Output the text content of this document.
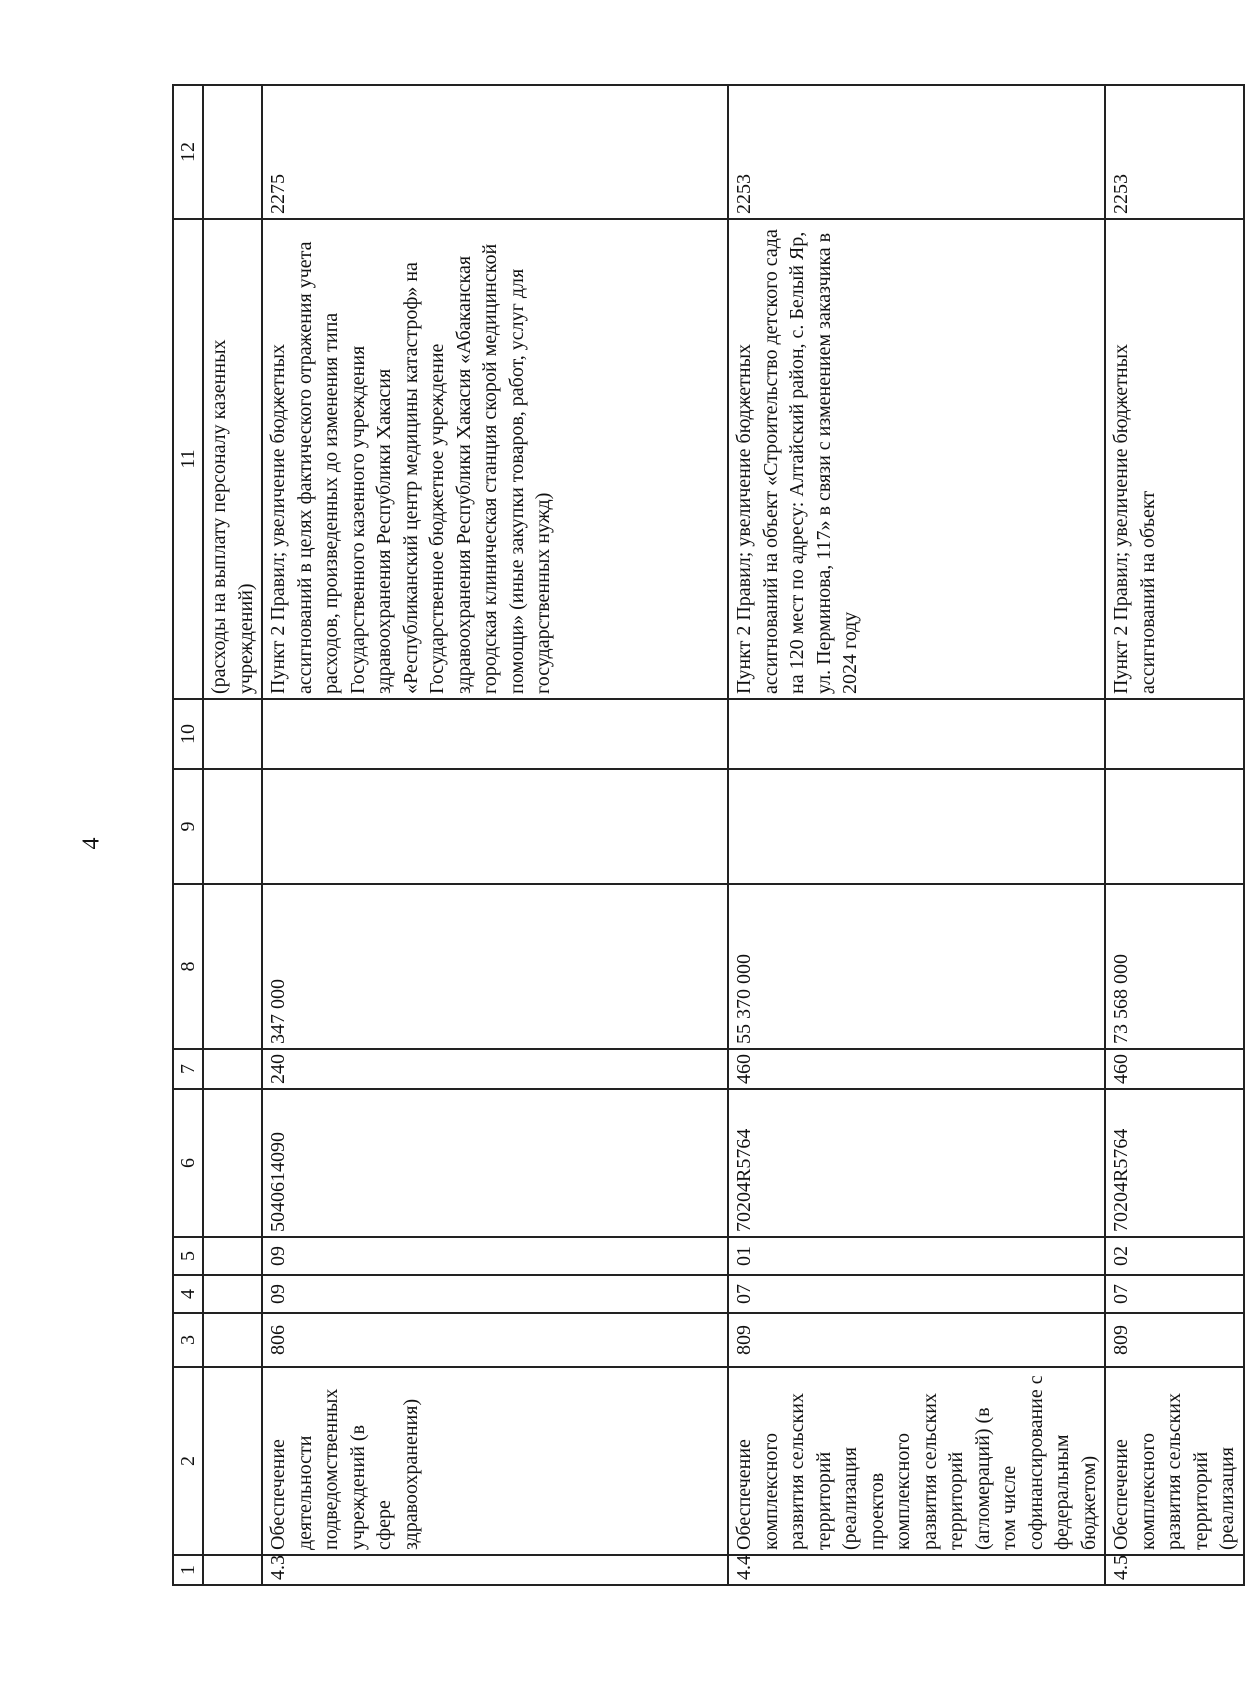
4
1	2	3	4	5	6	7	8	9	10	11	12
										(расходы на выплату персоналу казенных учреждений)	
4.3	Обеспечение деятельности подведомственных учреждений (в сфере здравоохранения)	806	09	09	5040614090	240	347 000			Пункт 2 Правил; увеличение бюджетных ассигнований в целях фактического отражения учета расходов, произведенных до изменения типа Государственного казенного учреждения здравоохранения Республики Хакасия «Республиканский центр медицины катастроф» на Государственное бюджетное учреждение здравоохранения Республики Хакасия «Абаканская городская клиническая станция скорой медицинской помощи» (иные закупки товаров, работ, услуг для государственных нужд)	2275
4.4	Обеспечение комплексного развития сельских территорий (реализация проектов комплексного развития сельских территорий (агломераций) (в том числе софинансирование с федеральным бюджетом)	809	07	01	70204R5764	460	55 370 000			Пункт 2 Правил; увеличение бюджетных ассигнований на объект «Строительство детского сада на 120 мест по адресу: Алтайский район, с. Белый Яр, ул. Перминова, 117» в связи с изменением заказчика в 2024 году	2253
4.5	Обеспечение комплексного развития сельских территорий (реализация	809	07	02	70204R5764	460	73 568 000			Пункт 2 Правил; увеличение бюджетных ассигнований на объект	2253
